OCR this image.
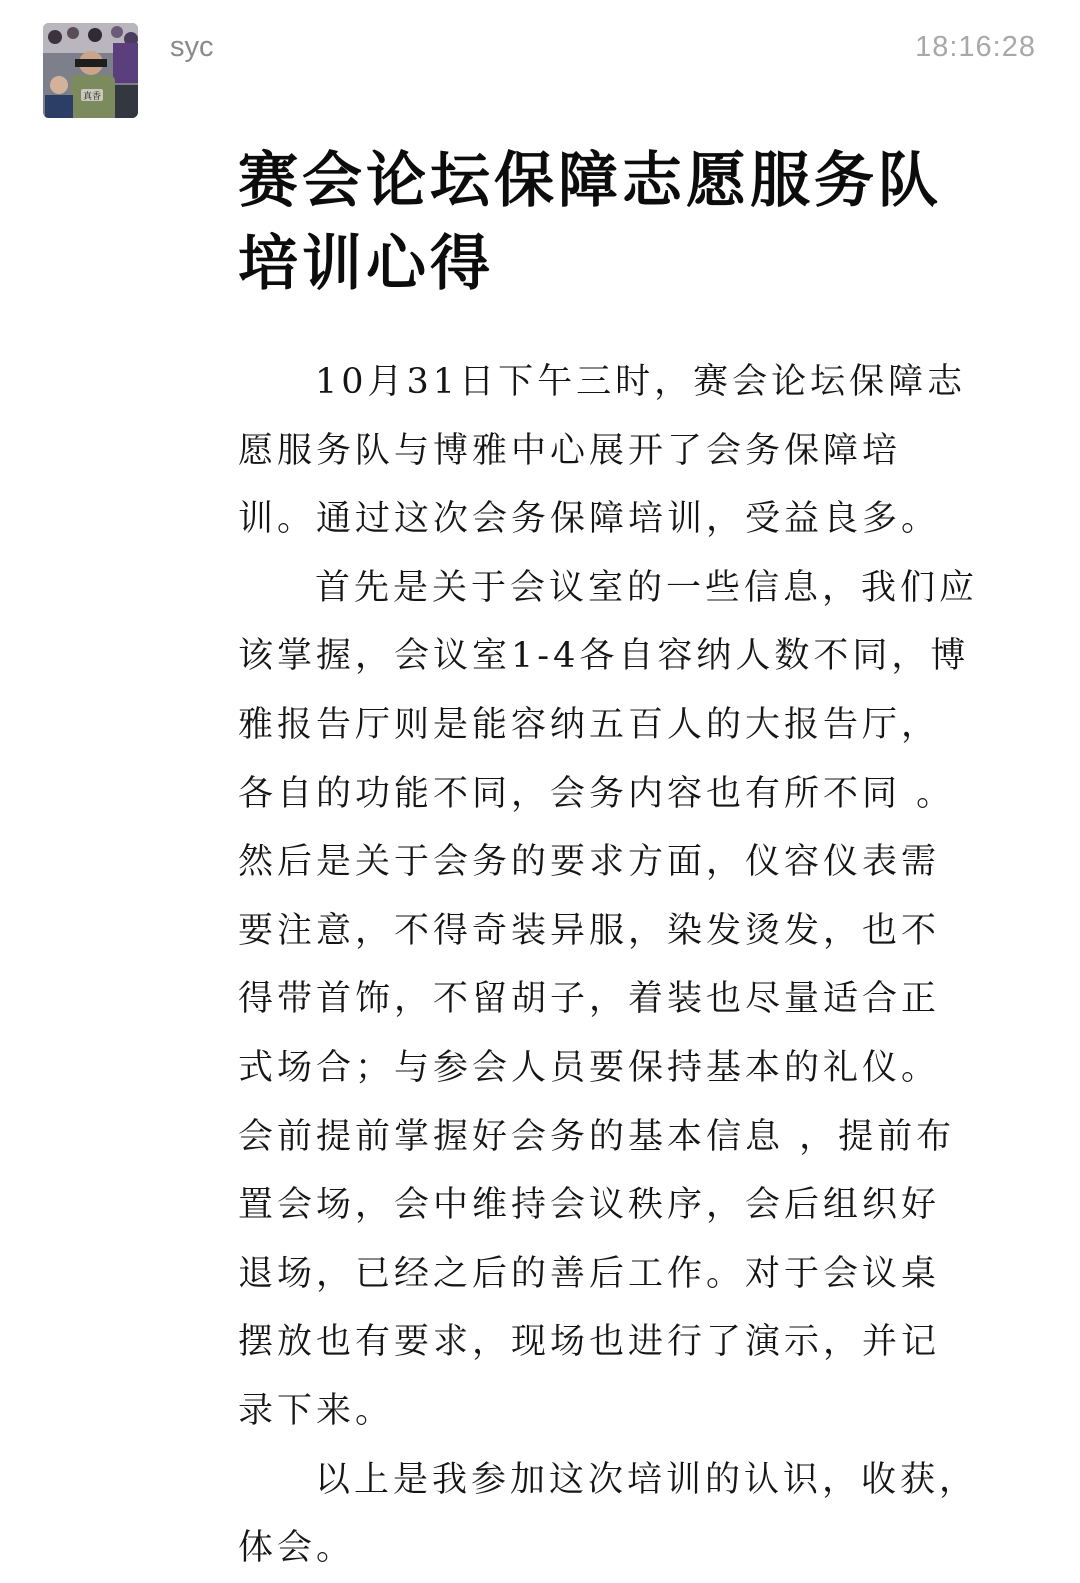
真香
syc	18:16:28
赛会论坛保障志愿服务队培训心得

10月31日下午三时，赛会论坛保障志愿服务队与博雅中心展开了会务保障培训。通过这次会务保障培训，受益良多。

首先是关于会议室的一些信息，我们应该掌握，会议室1-4各自容纳人数不同，博雅报告厅则是能容纳五百人的大报告厅，各自的功能不同，会务内容也有所不同 。然后是关于会务的要求方面，仪容仪表需要注意，不得奇装异服，染发烫发，也不得带首饰，不留胡子，着装也尽量适合正式场合；与参会人员要保持基本的礼仪。会前提前掌握好会务的基本信息 ，提前布置会场，会中维持会议秩序，会后组织好退场，已经之后的善后工作。对于会议桌摆放也有要求，现场也进行了演示，并记录下来。

以上是我参加这次培训的认识，收获，体会。
